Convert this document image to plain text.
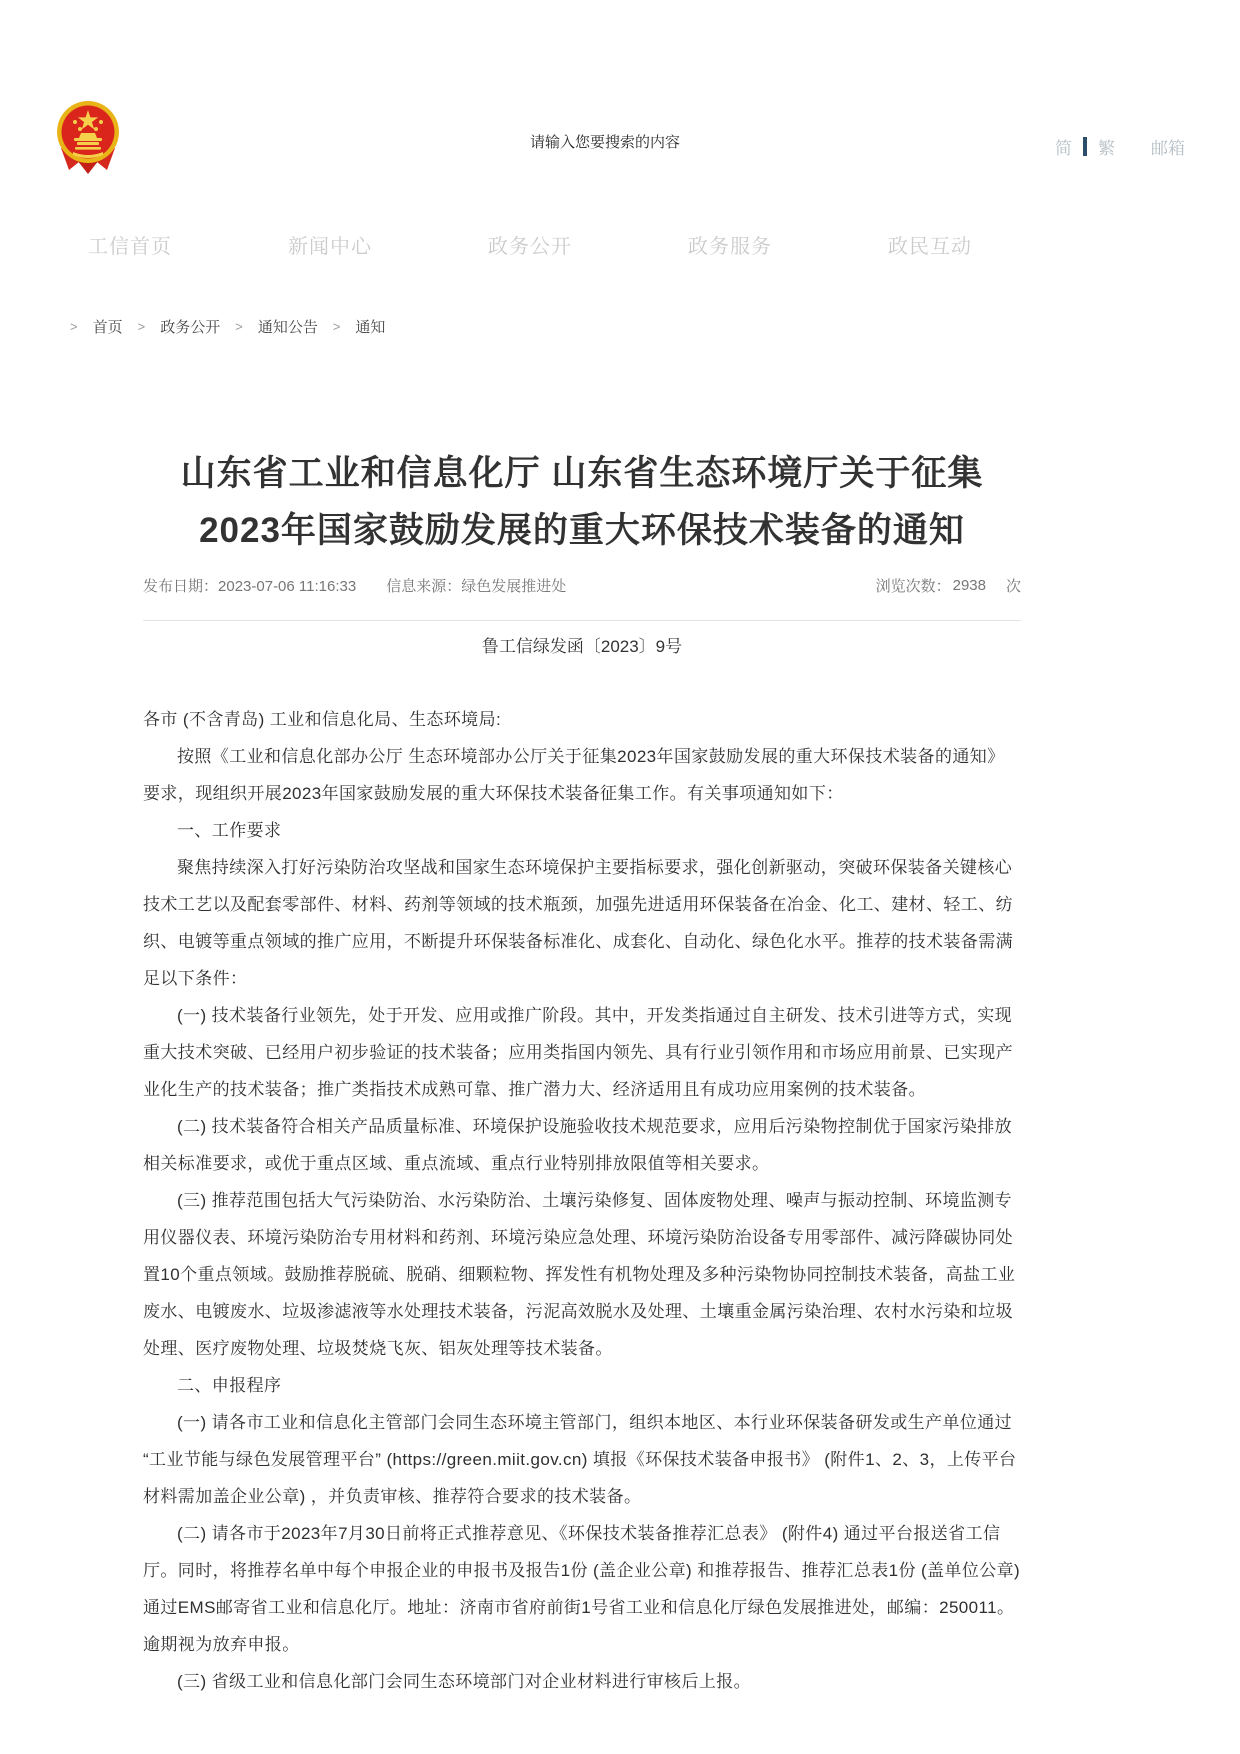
请输入您要搜索的内容
简 繁 邮箱
工信首页	新闻中心	政务公开	政务服务	政民互动
> 首页 > 政务公开 > 通知公告 > 通知
山东省工业和信息化厅 山东省生态环境厅关于征集
2023年国家鼓励发展的重大环保技术装备的通知
发布日期：2023-07-06 11:16:33 信息来源：绿色发展推进处	浏览次数： 2938 次
鲁工信绿发函〔2023〕9号

各市 (不含青岛) 工业和信息化局、生态环境局:

按照《工业和信息化部办公厅 生态环境部办公厅关于征集2023年国家鼓励发展的重大环保技术装备的通知》要求，现组织开展2023年国家鼓励发展的重大环保技术装备征集工作。有关事项通知如下：

一、工作要求

聚焦持续深入打好污染防治攻坚战和国家生态环境保护主要指标要求，强化创新驱动，突破环保装备关键核心技术工艺以及配套零部件、材料、药剂等领域的技术瓶颈，加强先进适用环保装备在冶金、化工、建材、轻工、纺织、电镀等重点领域的推广应用，不断提升环保装备标准化、成套化、自动化、绿色化水平。推荐的技术装备需满足以下条件：

(一) 技术装备行业领先，处于开发、应用或推广阶段。其中，开发类指通过自主研发、技术引进等方式，实现重大技术突破、已经用户初步验证的技术装备；应用类指国内领先、具有行业引领作用和市场应用前景、已实现产业化生产的技术装备；推广类指技术成熟可靠、推广潜力大、经济适用且有成功应用案例的技术装备。

(二) 技术装备符合相关产品质量标准、环境保护设施验收技术规范要求，应用后污染物控制优于国家污染排放相关标准要求，或优于重点区域、重点流域、重点行业特别排放限值等相关要求。

(三) 推荐范围包括大气污染防治、水污染防治、土壤污染修复、固体废物处理、噪声与振动控制、环境监测专用仪器仪表、环境污染防治专用材料和药剂、环境污染应急处理、环境污染防治设备专用零部件、减污降碳协同处置10个重点领域。鼓励推荐脱硫、脱硝、细颗粒物、挥发性有机物处理及多种污染物协同控制技术装备，高盐工业废水、电镀废水、垃圾渗滤液等水处理技术装备，污泥高效脱水及处理、土壤重金属污染治理、农村水污染和垃圾处理、医疗废物处理、垃圾焚烧飞灰、铝灰处理等技术装备。

二、申报程序

(一) 请各市工业和信息化主管部门会同生态环境主管部门，组织本地区、本行业环保装备研发或生产单位通过 “工业节能与绿色发展管理平台” (https://green.miit.gov.cn) 填报《环保技术装备申报书》 (附件1、2、3，上传平台材料需加盖企业公章) ，并负责审核、推荐符合要求的技术装备。

(二) 请各市于2023年7月30日前将正式推荐意见、《环保技术装备推荐汇总表》 (附件4) 通过平台报送省工信厅。同时，将推荐名单中每个申报企业的申报书及报告1份 (盖企业公章) 和推荐报告、推荐汇总表1份 (盖单位公章) 通过EMS邮寄省工业和信息化厅。地址：济南市省府前街1号省工业和信息化厅绿色发展推进处，邮编：250011。逾期视为放弃申报。

(三) 省级工业和信息化部门会同生态环境部门对企业材料进行审核后上报。
